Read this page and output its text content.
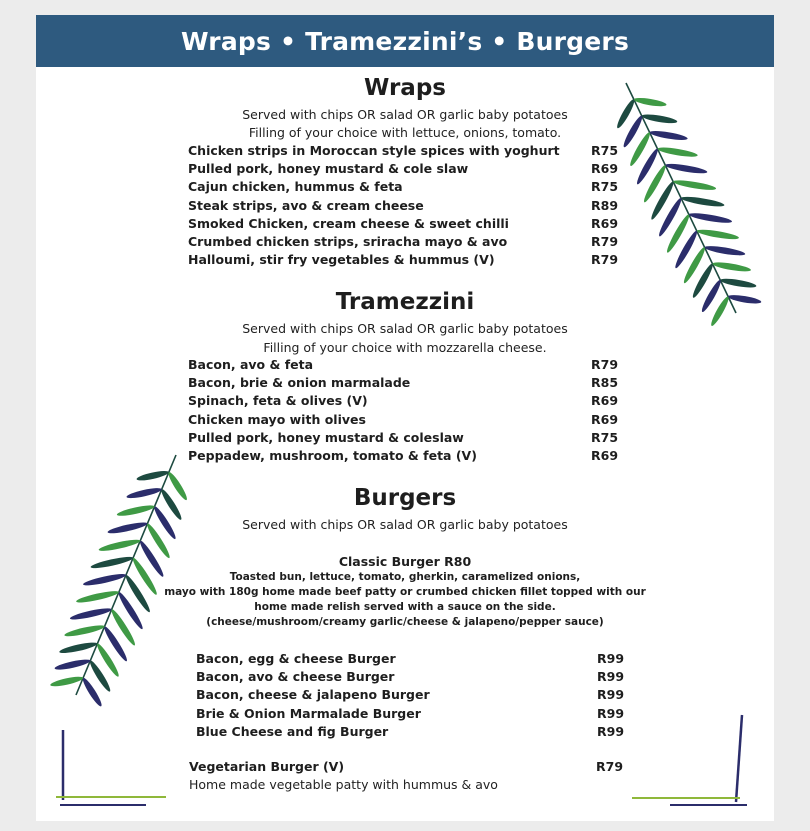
Wraps • Tramezzini’s • Burgers
Wraps
Served with chips OR salad OR garlic baby potatoes
Filling of your choice with lettuce, onions, tomato.
Chicken strips in Moroccan style spices with yoghurt	R75
Pulled pork, honey mustard & cole slaw	R69
Cajun chicken, hummus & feta	R75
Steak strips, avo & cream cheese	R89
Smoked Chicken, cream cheese & sweet chilli	R69
Crumbed chicken strips, sriracha mayo & avo	R79
Halloumi, stir fry vegetables & hummus (V)	R79
Tramezzini
Served with chips OR salad OR garlic baby potatoes
Filling of your choice with mozzarella cheese.
Bacon, avo & feta	R79
Bacon, brie & onion marmalade	R85
Spinach, feta & olives (V)	R69
Chicken mayo with olives	R69
Pulled pork, honey mustard & coleslaw	R75
Peppadew, mushroom, tomato & feta (V)	R69
Burgers
Served with chips OR salad OR garlic baby potatoes
Classic Burger R80
Toasted bun, lettuce, tomato, gherkin, caramelized onions,
mayo with 180g home made beef patty or crumbed chicken fillet topped with our
home made relish served with a sauce on the side.
(cheese/mushroom/creamy garlic/cheese & jalapeno/pepper sauce)
Bacon, egg & cheese Burger	R99
Bacon, avo & cheese Burger	R99
Bacon, cheese & jalapeno Burger	R99
Brie & Onion Marmalade Burger	R99
Blue Cheese and fig Burger	R99
Vegetarian Burger (V)	R79
Home made vegetable patty with hummus & avo
